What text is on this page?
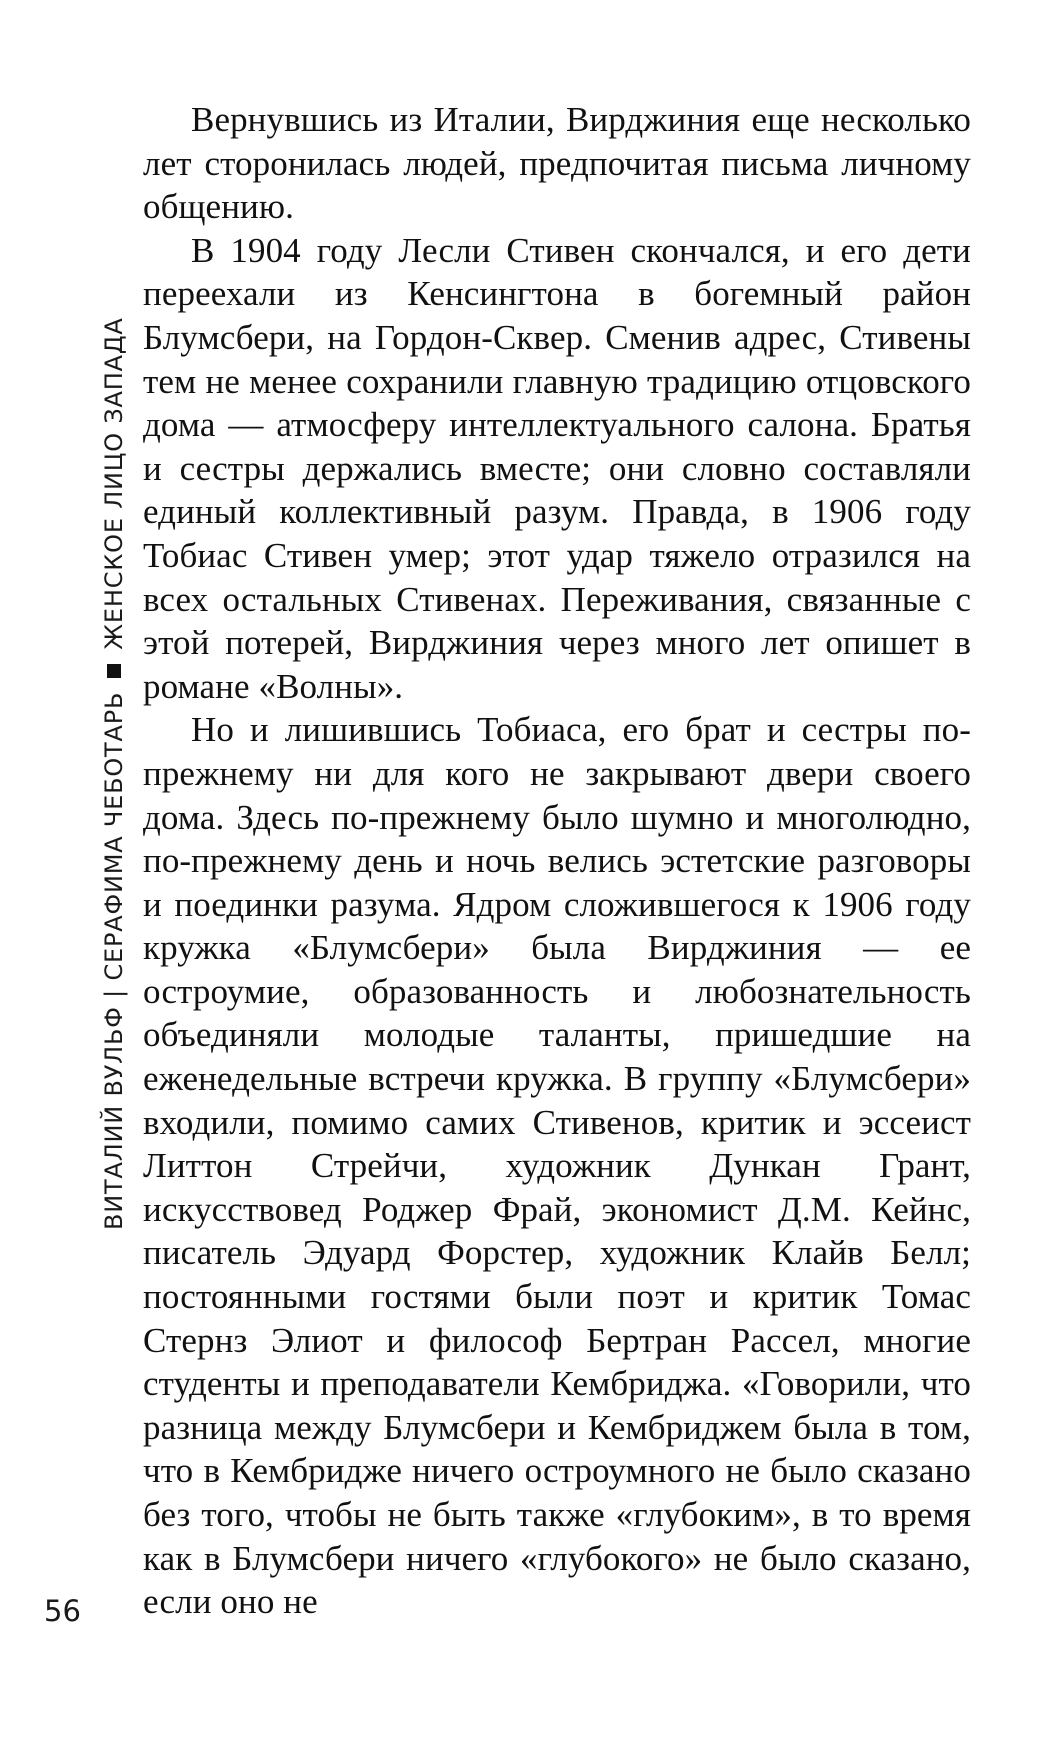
ВИТАЛИЙ ВУЛЬФ | СЕРАФИМА ЧЕБОТАРЬ
ЖЕНСКОЕ ЛИЦО ЗАПАДА

Вернувшись из Италии, Вирджиния еще несколько лет сторонилась людей, предпочитая письма личному общению.

В 1904 году Лесли Стивен скончался, и его дети переехали из Кенсингтона в богемный район Блумсбери, на Гордон-Сквер. Сменив адрес, Стивены тем не менее сохранили главную традицию отцовского дома — атмосферу интеллектуального салона. Братья и сестры держались вместе; они словно составляли единый коллективный разум. Правда, в 1906 году Тобиас Стивен умер; этот удар тяжело отразился на всех остальных Стивенах. Переживания, связанные с этой потерей, Вирджиния через много лет опишет в романе «Волны».

Но и лишившись Тобиаса, его брат и сестры по-прежнему ни для кого не закрывают двери своего дома. Здесь по-прежнему было шумно и многолюдно, по-прежнему день и ночь велись эстетские разговоры и поединки разума. Ядром сложившегося к 1906 году кружка «Блумсбери» была Вирджиния — ее остроумие, образованность и любознательность объединяли молодые таланты, пришедшие на еженедельные встречи кружка. В группу «Блумсбери» входили, помимо самих Стивенов, критик и эссеист Литтон Стрейчи, художник Дункан Грант, искусствовед Роджер Фрай, экономист Д.М. Кейнс, писатель Эдуард Форстер, художник Клайв Белл; постоянными гостями были поэт и критик Томас Стернз Элиот и философ Бертран Рассел, многие студенты и преподаватели Кембриджа. «Говорили, что разница между Блумсбери и Кембриджем была в том, что в Кембридже ничего остроумного не было сказано без того, чтобы не быть также «глубоким», в то время как в Блумсбери ничего «глубокого» не было сказано, если оно не

56
